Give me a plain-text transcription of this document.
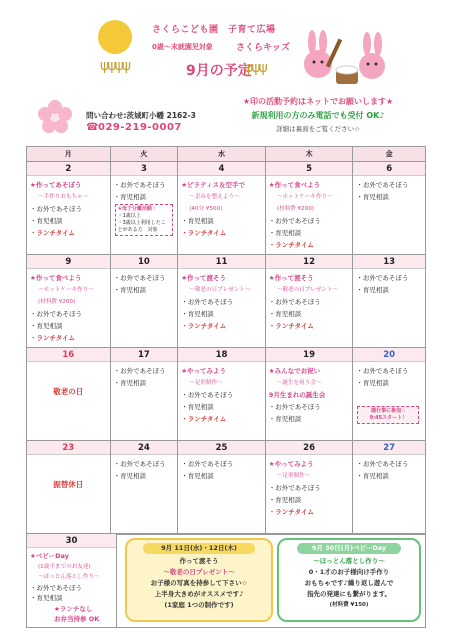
さくらこども園　子育て広場
0歳～未就園児対象	さくらキッズ
9月の予定
ψψψψ	ψψψ
問い合わせ:茨城町小幡 2162-3
☎029-219-0007
★印の活動予約はネットでお願いします★
新規利用の方のみ電話でも受付 OK♪
詳細は裏面をご覧ください☆
月	火	水	木	金
2
★作ってあそぼう
～手作りおもちゃ～
・お外であそぼう
・育児相談
・ランチタイム
3
・お外であそぼう
・育児相談
★母子分離活動☆
・1歳以上
・3歳以上利用したことがある方　対象
4
★ピラティス＆空手で
～歪みを整えよう～
(40分 ¥500)
・育児相談
・ランチタイム
5
★作って食べよう
～ホットケーキ作り～
(材料費 ¥200)
・お外であそぼう
・育児相談
・ランチタイム
6
・お外であそぼう
・育児相談
9
★作って食べよう
～ホットケーキ作り～
(材料費 ¥200)
・お外であそぼう
・育児相談
・ランチタイム
10
・お外であそぼう
・育児相談
11
★作って渡そう
～敬老の日プレゼント～
・お外であそぼう
・育児相談
・ランチタイム
12
★作って渡そう
～敬老の日プレゼント～
・お外であそぼう
・育児相談
・ランチタイム
13
・お外であそぼう
・育児相談
16
敬老の日
17
・お外であそぼう
・育児相談
18
★やってみよう
～足形制作～
・お外であそぼう
・育児相談
・ランチタイム
19
★みんなでお祝い
～誕生を祝う会～
9月生まれの誕生会
・お外であそぼう
・育児相談
20
・お外であそぼう
・育児相談
園行事に参加☆
9:45スタート！
23
振替休日
24
・お外であそぼう
・育児相談
25
・お外であそぼう
・育児相談
26
★やってみよう
～足形制作～
・お外であそぼう
・育児相談
・ランチタイム
27
・お外であそぼう
・育児相談
30
★ベビーDay
(1歳半までのお友達)
～ほっとん落とし作り～
・お外であそぼう
・育児相談
★ランチなし
お弁当持参 OK
9月 11日(水)・12日(木)
作って渡そう
～敬老の日プレゼント～
お子様の写真を持参して下さい☆
上半身大きめがオススメです♪
(1家庭 1つの制作です)
9月 30日(月)ベビーDay
～ほっとん落とし作り～
0・1才のお子様向け手作り
おもちゃです♪繰り返し遊んで
指先の発達にも繋がります。
(材料費 ¥150)
